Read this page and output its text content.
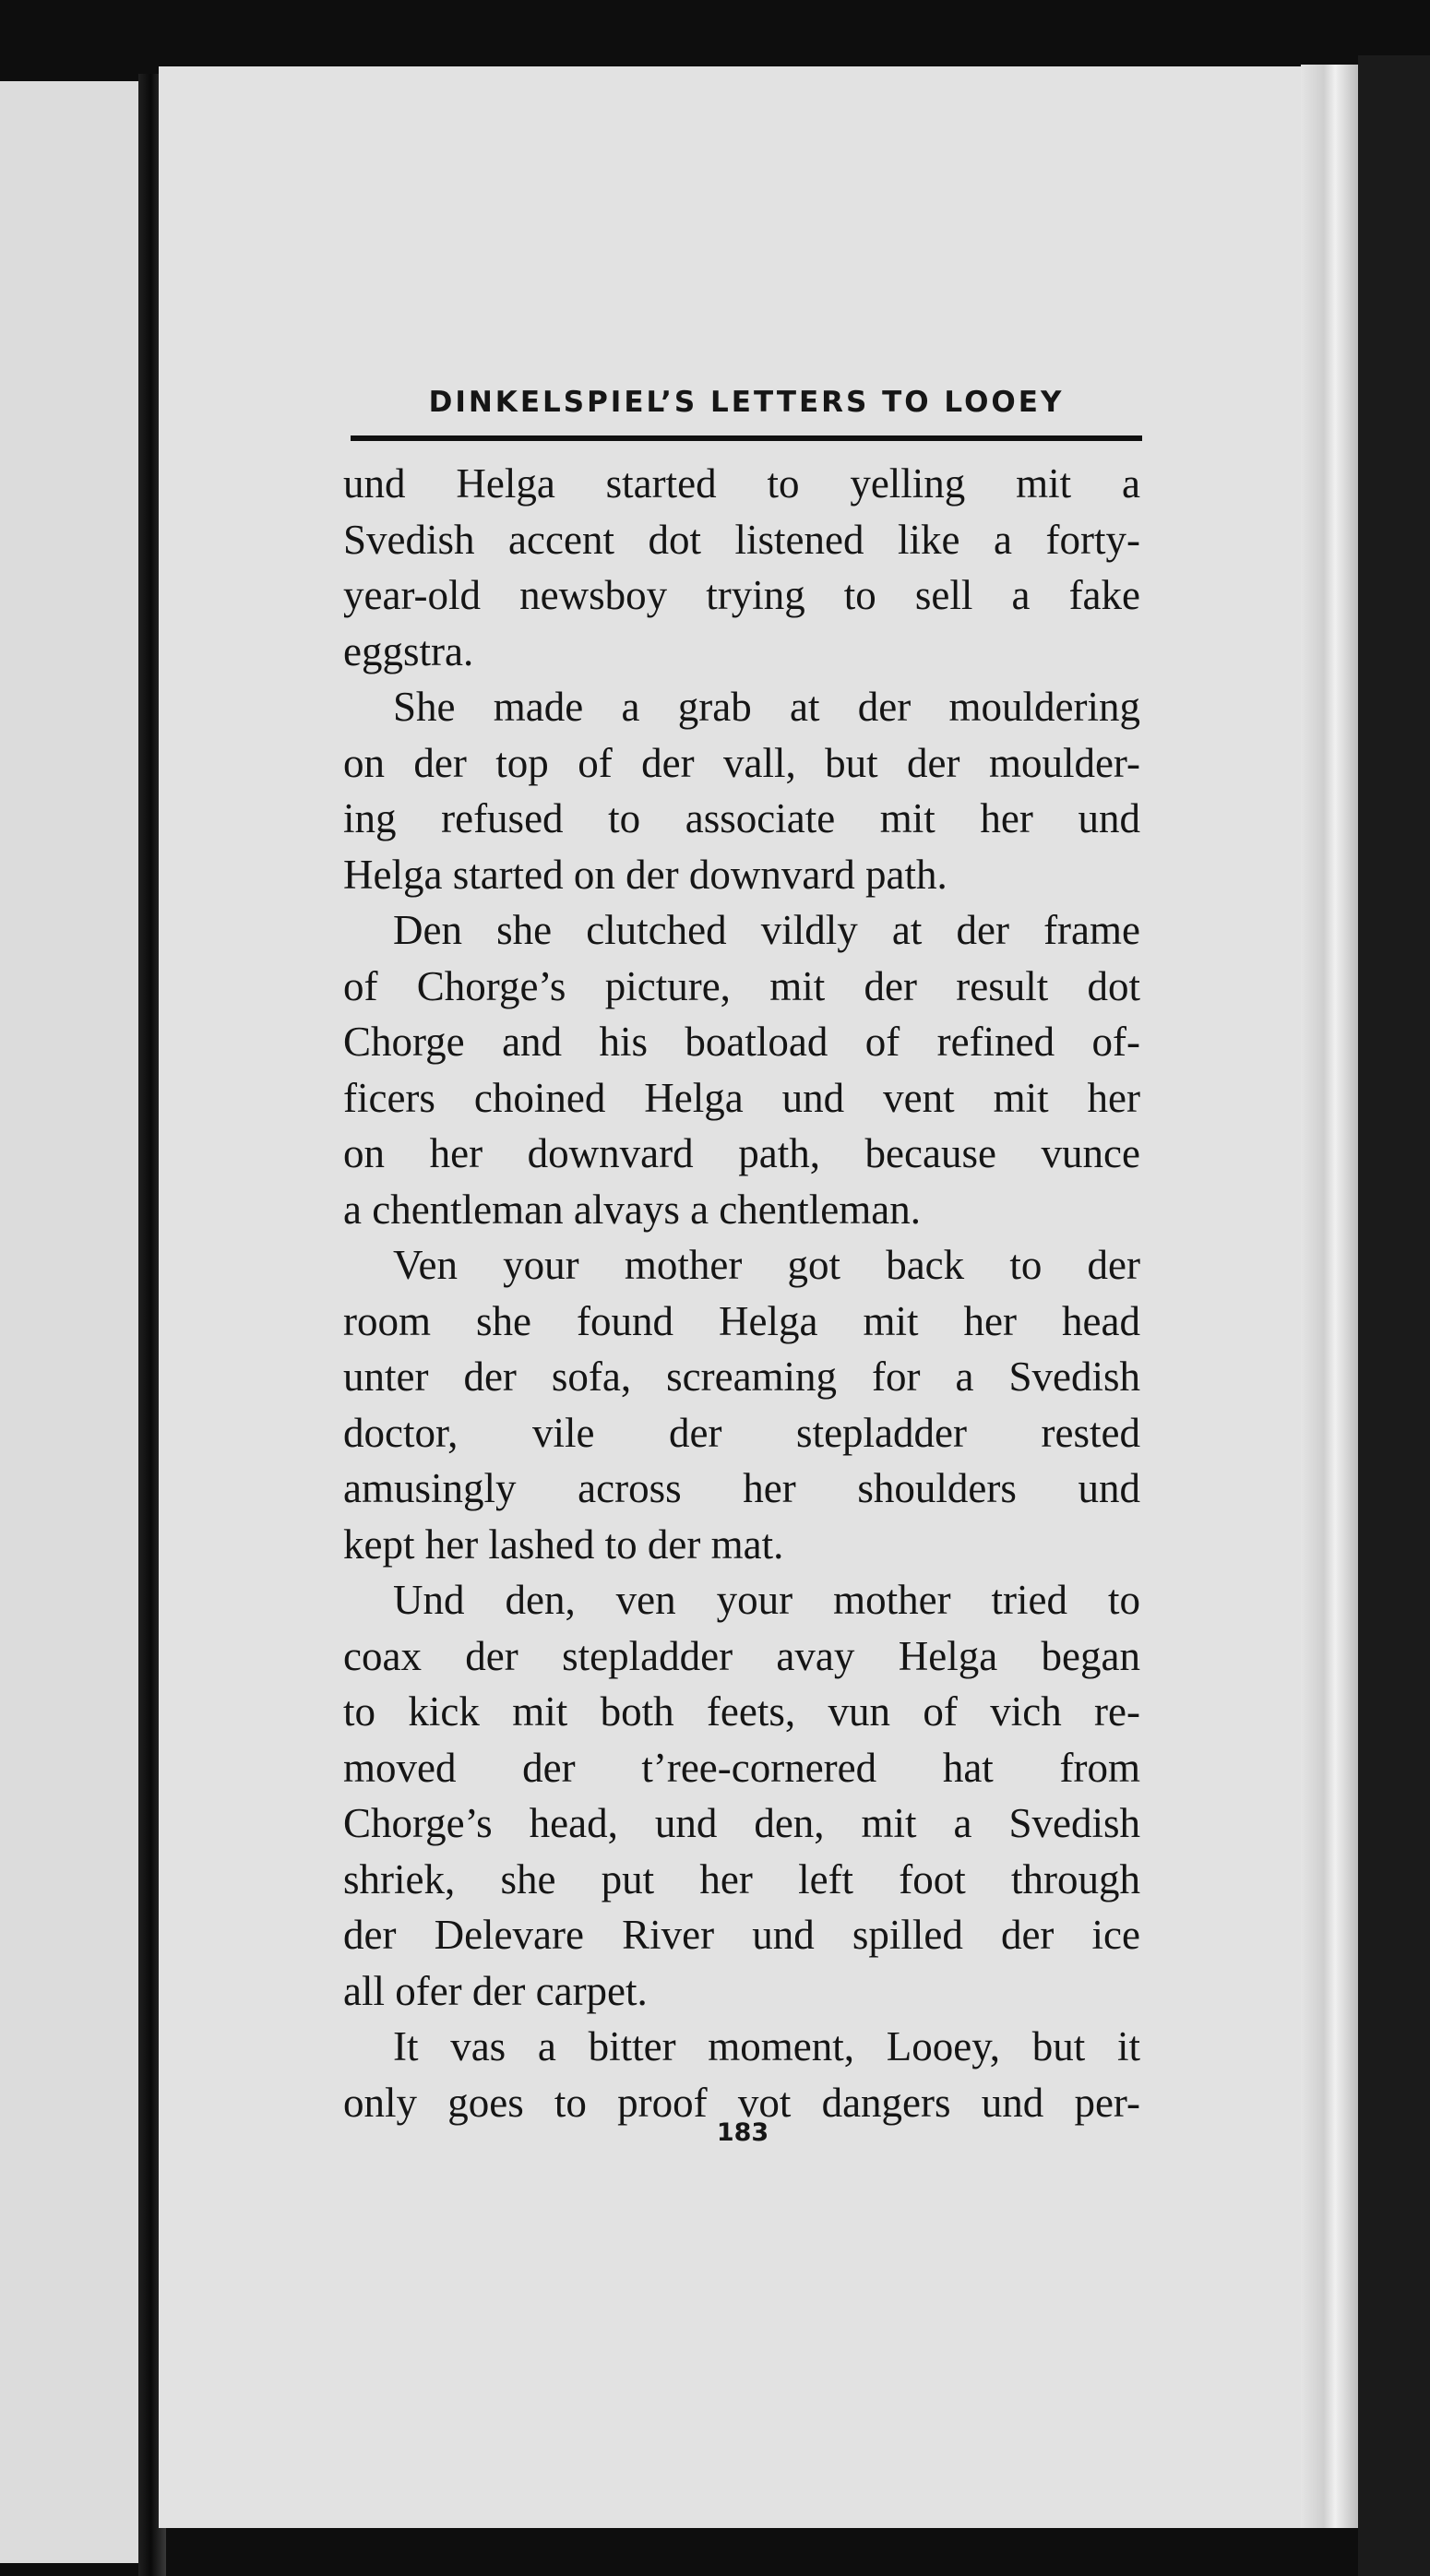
DINKELSPIEL’S LETTERS TO LOOEY

und Helga started to yelling mit a

Svedish accent dot listened like a forty-

year-old newsboy trying to sell a fake

eggstra.

She made a grab at der mouldering

on der top of der vall, but der moulder-

ing refused to associate mit her und

Helga started on der downvard path.

Den she clutched vildly at der frame

of Chorge’s picture, mit der result dot

Chorge and his boatload of refined of-

ficers choined Helga und vent mit her

on her downvard path, because vunce

a chentleman alvays a chentleman.

Ven your mother got back to der

room she found Helga mit her head

unter der sofa, screaming for a Svedish

doctor, vile der stepladder rested

amusingly across her shoulders und

kept her lashed to der mat.

Und den, ven your mother tried to

coax der stepladder avay Helga began

to kick mit both feets, vun of vich re-

moved der t’ree-cornered hat from

Chorge’s head, und den, mit a Svedish

shriek, she put her left foot through

der Delevare River und spilled der ice

all ofer der carpet.

It vas a bitter moment, Looey, but it

only goes to proof vot dangers und per-

183
